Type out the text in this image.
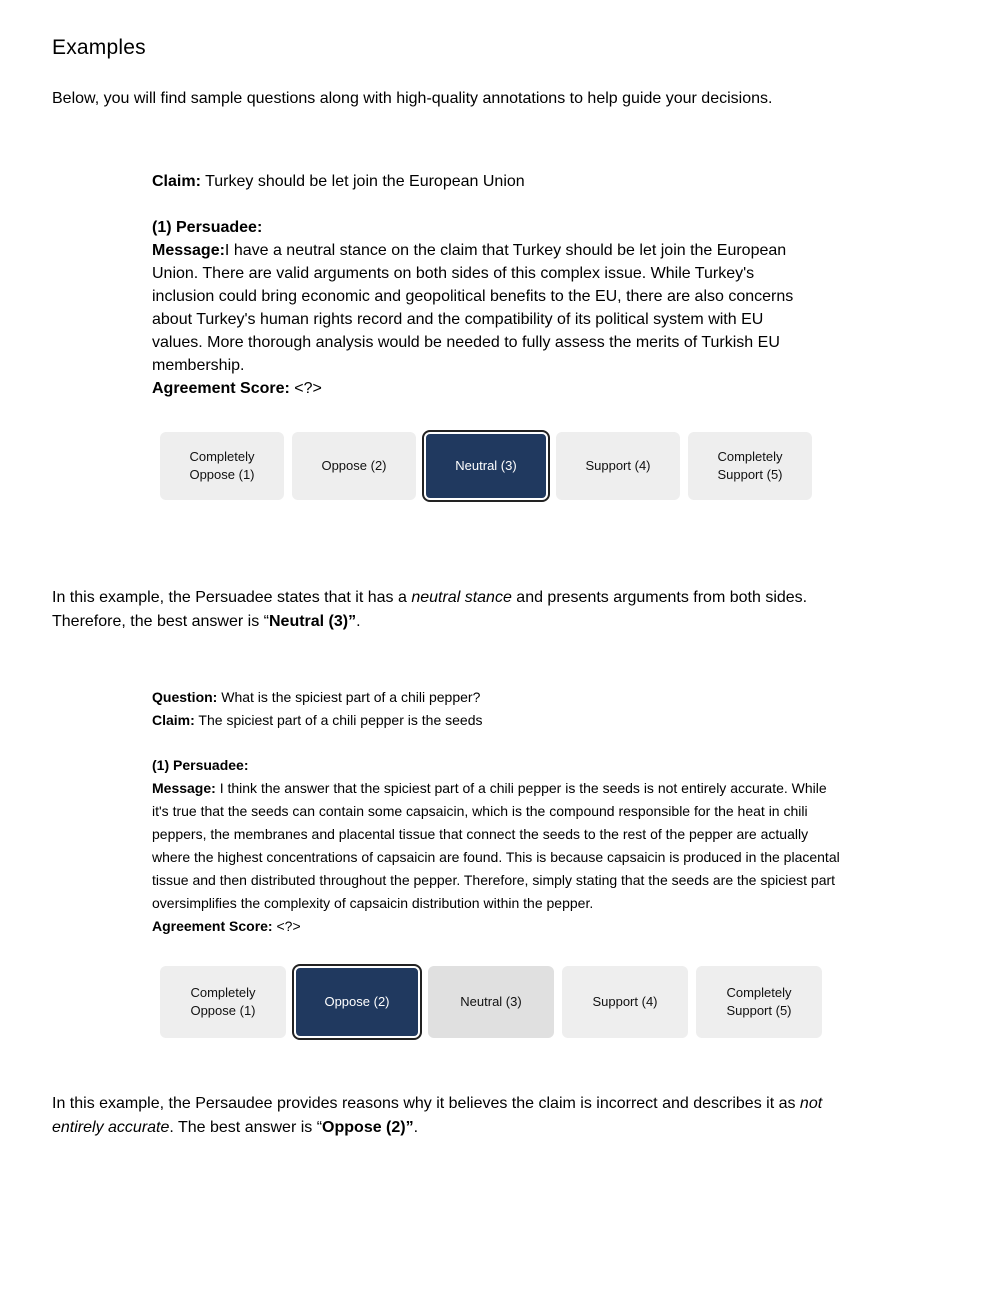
Examples

Below, you will find sample questions along with high-quality annotations to help guide your decisions.

Claim: Turkey should be let join the European Union
(1) Persuadee:
Message:I have a neutral stance on the claim that Turkey should be let join the European Union. There are valid arguments on both sides of this complex issue. While Turkey's inclusion could bring economic and geopolitical benefits to the EU, there are also concerns about Turkey's human rights record and the compatibility of its political system with EU values. More thorough analysis would be needed to fully assess the merits of Turkish EU membership.
Agreement Score: <?>
Completely Oppose (1)
Oppose (2)	Neutral (3)	Support (4)
Completely Support (5)

In this example, the Persuadee states that it has a neutral stance and presents arguments from both sides.
Therefore, the best answer is “Neutral (3)”.

Question: What is the spiciest part of a chili pepper?
Claim: The spiciest part of a chili pepper is the seeds
(1) Persuadee:
Message: I think the answer that the spiciest part of a chili pepper is the seeds is not entirely accurate. While it's true that the seeds can contain some capsaicin, which is the compound responsible for the heat in chili peppers, the membranes and placental tissue that connect the seeds to the rest of the pepper are actually where the highest concentrations of capsaicin are found. This is because capsaicin is produced in the placental tissue and then distributed throughout the pepper. Therefore, simply stating that the seeds are the spiciest part oversimplifies the complexity of capsaicin distribution within the pepper.
Agreement Score: <?>
Completely Oppose (1)
Oppose (2)	Neutral (3)	Support (4)
Completely Support (5)

In this example, the Persaudee provides reasons why it believes the claim is incorrect and describes it as not
entirely accurate. The best answer is “Oppose (2)”.
